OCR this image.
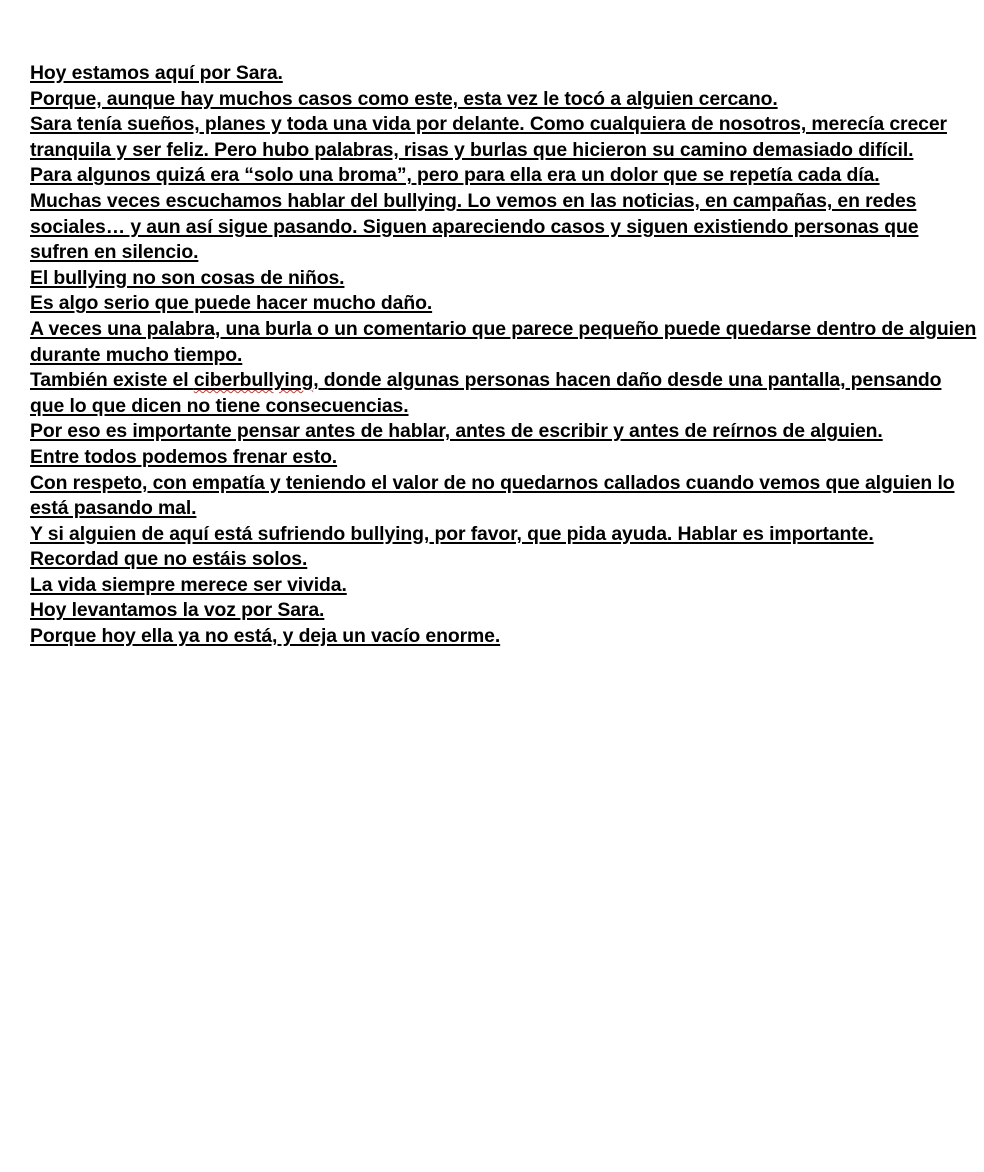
Hoy estamos aquí por Sara.

Porque, aunque hay muchos casos como este, esta vez le tocó a alguien cercano.

Sara tenía sueños, planes y toda una vida por delante. Como cualquiera de nosotros, merecía crecer tranquila y ser feliz. Pero hubo palabras, risas y burlas que hicieron su camino demasiado difícil.

Para algunos quizá era “solo una broma”, pero para ella era un dolor que se repetía cada día.

Muchas veces escuchamos hablar del bullying. Lo vemos en las noticias, en campañas, en redes sociales… y aun así sigue pasando. Siguen apareciendo casos y siguen existiendo personas que sufren en silencio.

El bullying no son cosas de niños.

Es algo serio que puede hacer mucho daño.

A veces una palabra, una burla o un comentario que parece pequeño puede quedarse dentro de alguien durante mucho tiempo.

También existe el ciberbullying, donde algunas personas hacen daño desde una pantalla, pensando que lo que dicen no tiene consecuencias.

Por eso es importante pensar antes de hablar, antes de escribir y antes de reírnos de alguien.

Entre todos podemos frenar esto.

Con respeto, con empatía y teniendo el valor de no quedarnos callados cuando vemos que alguien lo está pasando mal.

Y si alguien de aquí está sufriendo bullying, por favor, que pida ayuda. Hablar es importante.

Recordad que no estáis solos.

La vida siempre merece ser vivida.

Hoy levantamos la voz por Sara.

Porque hoy ella ya no está, y deja un vacío enorme.
